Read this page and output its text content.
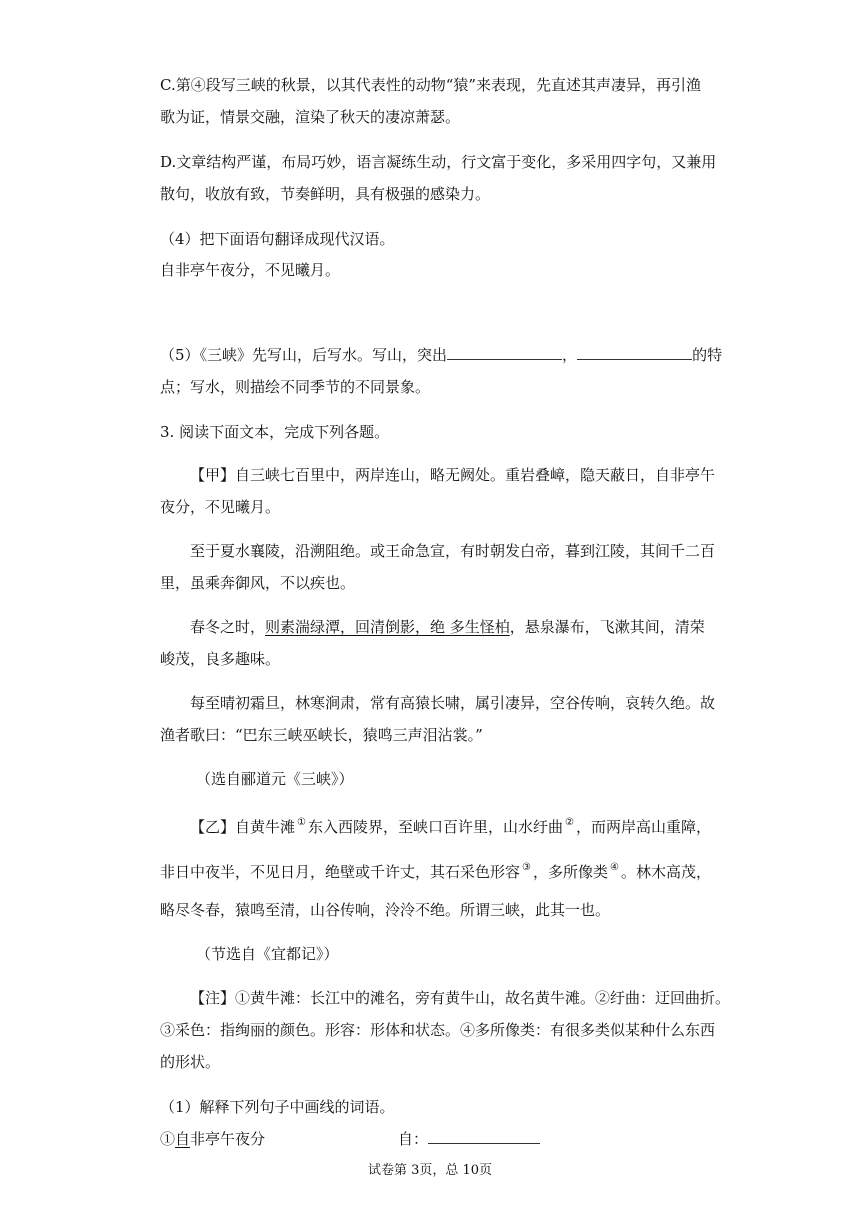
C.第④段写三峡的秋景，以其代表性的动物“猿”来表现，先直述其声凄异，再引渔
歌为证，情景交融，渲染了秋天的凄凉萧瑟。
D.文章结构严谨，布局巧妙，语言凝练生动，行文富于变化，多采用四字句，又兼用
散句，收放有致，节奏鲜明，具有极强的感染力。
（4）把下面语句翻译成现代汉语。
自非亭午夜分，不见曦月。
（5）《三峡》先写山，后写水。写山，突出	，	的特
点；写水，则描绘不同季节的不同景象。
3. 阅读下面文本，完成下列各题。
【甲】自三峡七百里中，两岸连山，略无阙处。重岩叠嶂，隐天蔽日，自非亭午
夜分，不见曦月。
至于夏水襄陵，沿溯阻绝。或王命急宣，有时朝发白帝，暮到江陵，其间千二百
里，虽乘奔御风，不以疾也。
春冬之时，则素湍绿潭，回清倒影，绝 多生怪柏，悬泉瀑布，飞漱其间，清荣
峻茂，良多趣味。
每至晴初霜旦，林寒涧肃，常有高猿长啸，属引凄异，空谷传响，哀转久绝。故
渔者歌曰：“巴东三峡巫峡长，猿鸣三声泪沾裳。”
（选自郦道元《三峡》）
【乙】自黄牛滩 ① 东入西陵界，至峡口百许里，山水纡曲 ② ，而两岸高山重障，
非日中夜半，不见日月，绝壁或千许丈，其石采色形容 ③ ，多所像类 ④ 。林木高茂，
略尽冬春，猿鸣至清，山谷传响，泠泠不绝。所谓三峡，此其一也。
（节选自《宜都记》）
【注】①黄牛滩：长江中的滩名，旁有黄牛山，故名黄牛滩。②纡曲：迂回曲折。
③采色：指绚丽的颜色。形容：形体和状态。④多所像类：有很多类似某种什么东西
的形状。
（1）解释下列句子中画线的词语。
①自非亭午夜分	自：
试卷第 3页，总 10页
